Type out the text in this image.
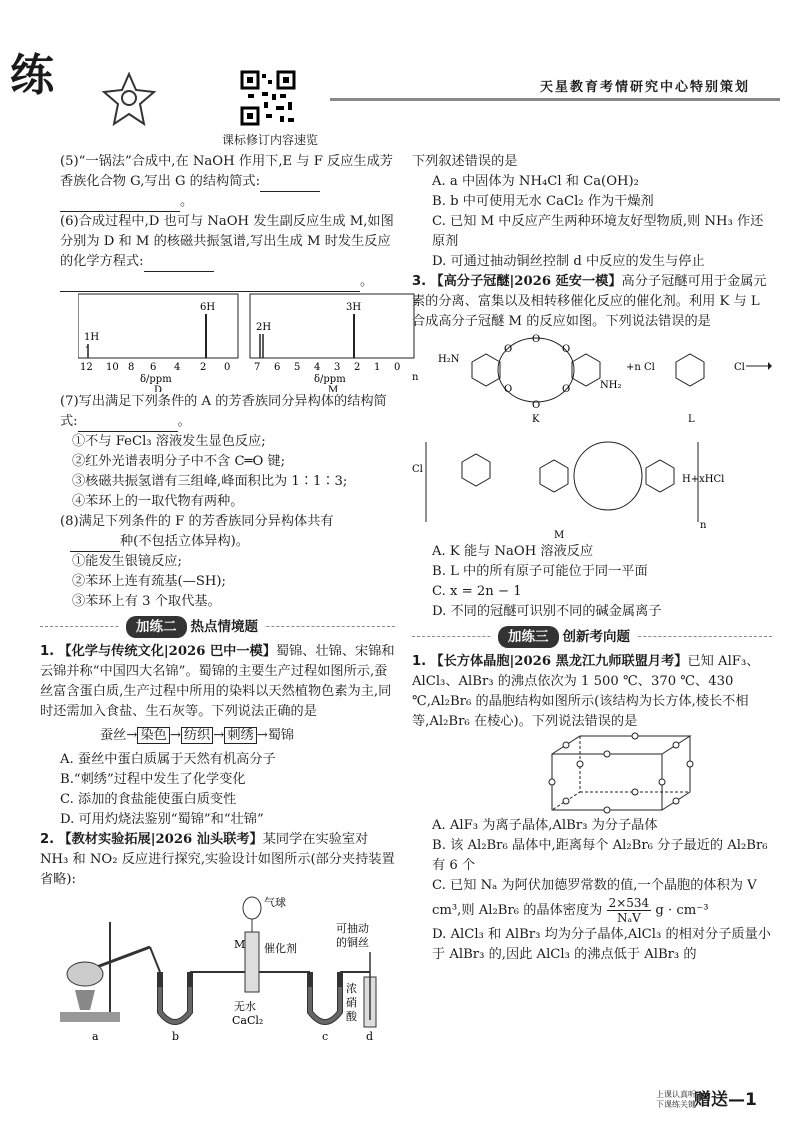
练
课标修订内容速览
天星教育考情研究中心特别策划

(5)“一锅法”合成中,在 NaOH 作用下,E 与 F 反应生成芳香族化合物 G,写出 G 的结构简式:

。

(6)合成过程中,D 也可与 NaOH 发生副反应生成 M,如图分别为 D 和 M 的核磁共振氢谱,写出生成 M 时发生反应的化学方程式:

。

1H
6H
12 10 8 6 4 2 0
δ/ppm
D
2H
3H
7 6 5 4 3 2 1 0
δ/ppm
M

(7)写出满足下列条件的 A 的芳香族同分异构体的结构简式:	。

①不与 FeCl₃ 溶液发生显色反应;

②红外光谱表明分子中不含 C═O 键;

③核磁共振氢谱有三组峰,峰面积比为 1∶1∶3;

④苯环上的一取代物有两种。

(8)满足下列条件的 F 的芳香族同分异构体共有
种(不包括立体异构)。

①能发生银镜反应;

②苯环上连有巯基(—SH);

③苯环上有 3 个取代基。

加练二	热点情境题

1. 【化学与传统文化|2026 巴中一模】蜀锦、壮锦、宋锦和云锦并称“中国四大名锦”。蜀锦的主要生产过程如图所示,蚕丝富含蛋白质,生产过程中所用的染料以天然植物色素为主,同时还需加入食盐、生石灰等。下列说法正确的是

蚕丝→ 染色 → 纺织 → 刺绣 →蜀锦

A. 蚕丝中蛋白质属于天然有机高分子

B.“刺绣”过程中发生了化学变化

C. 添加的食盐能使蛋白质变性

D. 可用灼烧法鉴别“蜀锦”和“壮锦”

2. 【教材实验拓展|2026 汕头联考】某同学在实验室对 NH₃ 和 NO₂ 反应进行探究,实验设计如图所示(部分夹持装置省略):

气球
M 催化剂
无水
CaCl₂
浓
硝
酸
可抽动
的铜丝
a	b	c	d

下列叙述错误的是

A. a 中固体为 NH₄Cl 和 Ca(OH)₂

B. b 中可使用无水 CaCl₂ 作为干燥剂

C. 已知 M 中反应产生两种环境友好型物质,则 NH₃ 作还原剂

D. 可通过抽动铜丝控制 d 中反应的发生与停止

3. 【高分子冠醚|2026 延安一模】高分子冠醚可用于金属元素的分离、富集以及相转移催化反应的催化剂。利用 K 与 L 合成高分子冠醚 M 的反应如图。下列说法错误的是

n
H₂N
O
O
O
O
O
O
NH₂
K
+n Cl	Cl
L
Cl
H+xHCl
n
M

A. K 能与 NaOH 溶液反应

B. L 中的所有原子可能位于同一平面

C. x = 2n − 1

D. 不同的冠醚可识别不同的碱金属离子

加练三	创新考向题

1. 【长方体晶胞|2026 黑龙江九师联盟月考】已知 AlF₃、AlCl₃、AlBr₃ 的沸点依次为 1 500 ℃、370 ℃、430 ℃,Al₂Br₆ 的晶胞结构如图所示(该结构为长方体,棱长不相等,Al₂Br₆ 在棱心)。下列说法错误的是

A. AlF₃ 为离子晶体,AlBr₃ 为分子晶体

B. 该 Al₂Br₆ 晶体中,距离每个 Al₂Br₆ 分子最近的 Al₂Br₆ 有 6 个

C. 已知 Nₐ 为阿伏加德罗常数的值,一个晶胞的体积为 V cm³,则 Al₂Br₆ 的晶体密度为 2×534
NₐV	g · cm⁻³

D. AlCl₃ 和 AlBr₃ 均为分子晶体,AlCl₃ 的相对分子质量小于 AlBr₃ 的,因此 AlCl₃ 的沸点低于 AlBr₃ 的

上课认真听
下课练关键
赠送—1
